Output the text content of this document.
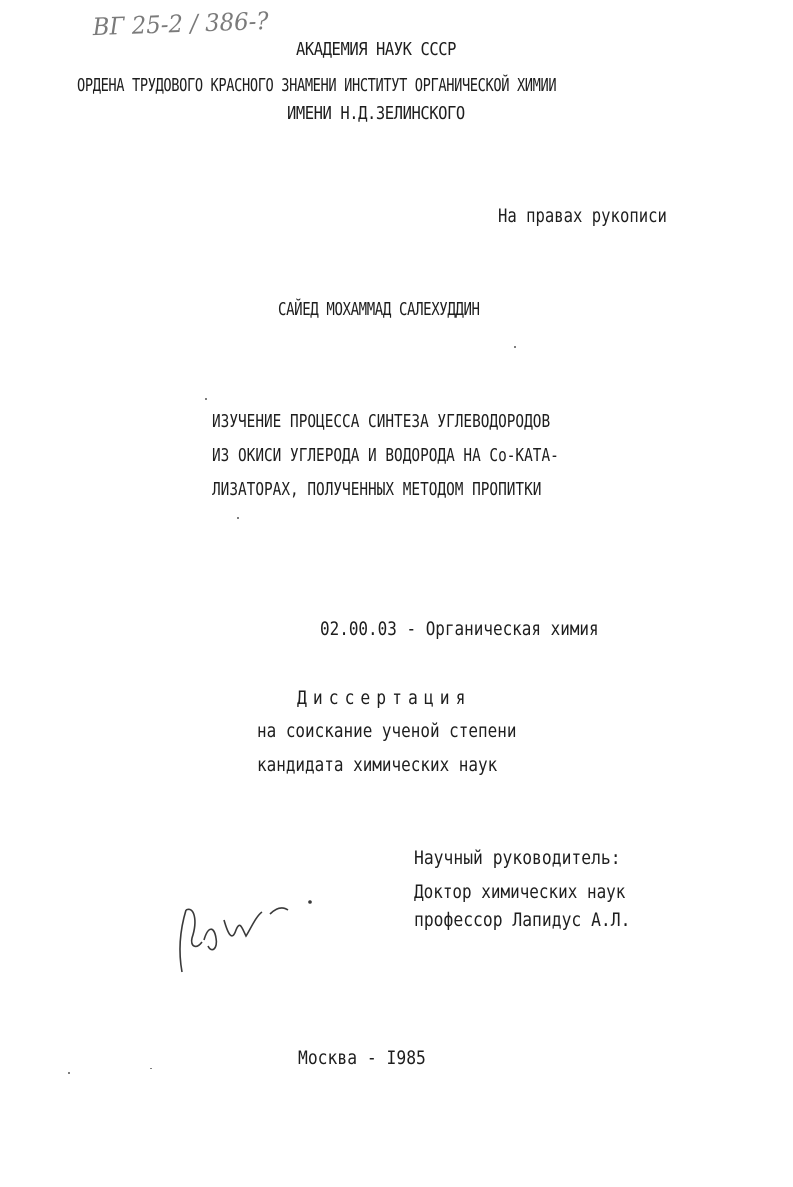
ВГ 25-2 / 386-?
АКАДЕМИЯ НАУК СССР
ОРДЕНА ТРУДОВОГО КРАСНОГО ЗНАМЕНИ ИНСТИТУТ ОРГАНИЧЕСКОЙ ХИМИИ
ИМЕНИ Н.Д.ЗЕЛИНСКОГО
На правах рукописи
САЙЕД МОХАММАД САЛЕХУДДИН
ИЗУЧЕНИЕ ПРОЦЕССА СИНТЕЗА УГЛЕВОДОРОДОВ
ИЗ ОКИСИ УГЛЕРОДА И ВОДОРОДА НА Co-КАТА-
ЛИЗАТОРАХ, ПОЛУЧЕННЫХ МЕТОДОМ ПРОПИТКИ
02.00.03 - Органическая химия
Диссертация
на соискание ученой степени
кандидата химических наук
Научный руководитель:
Доктор химических наук
профессор Лапидус А.Л.
Москва - I985
